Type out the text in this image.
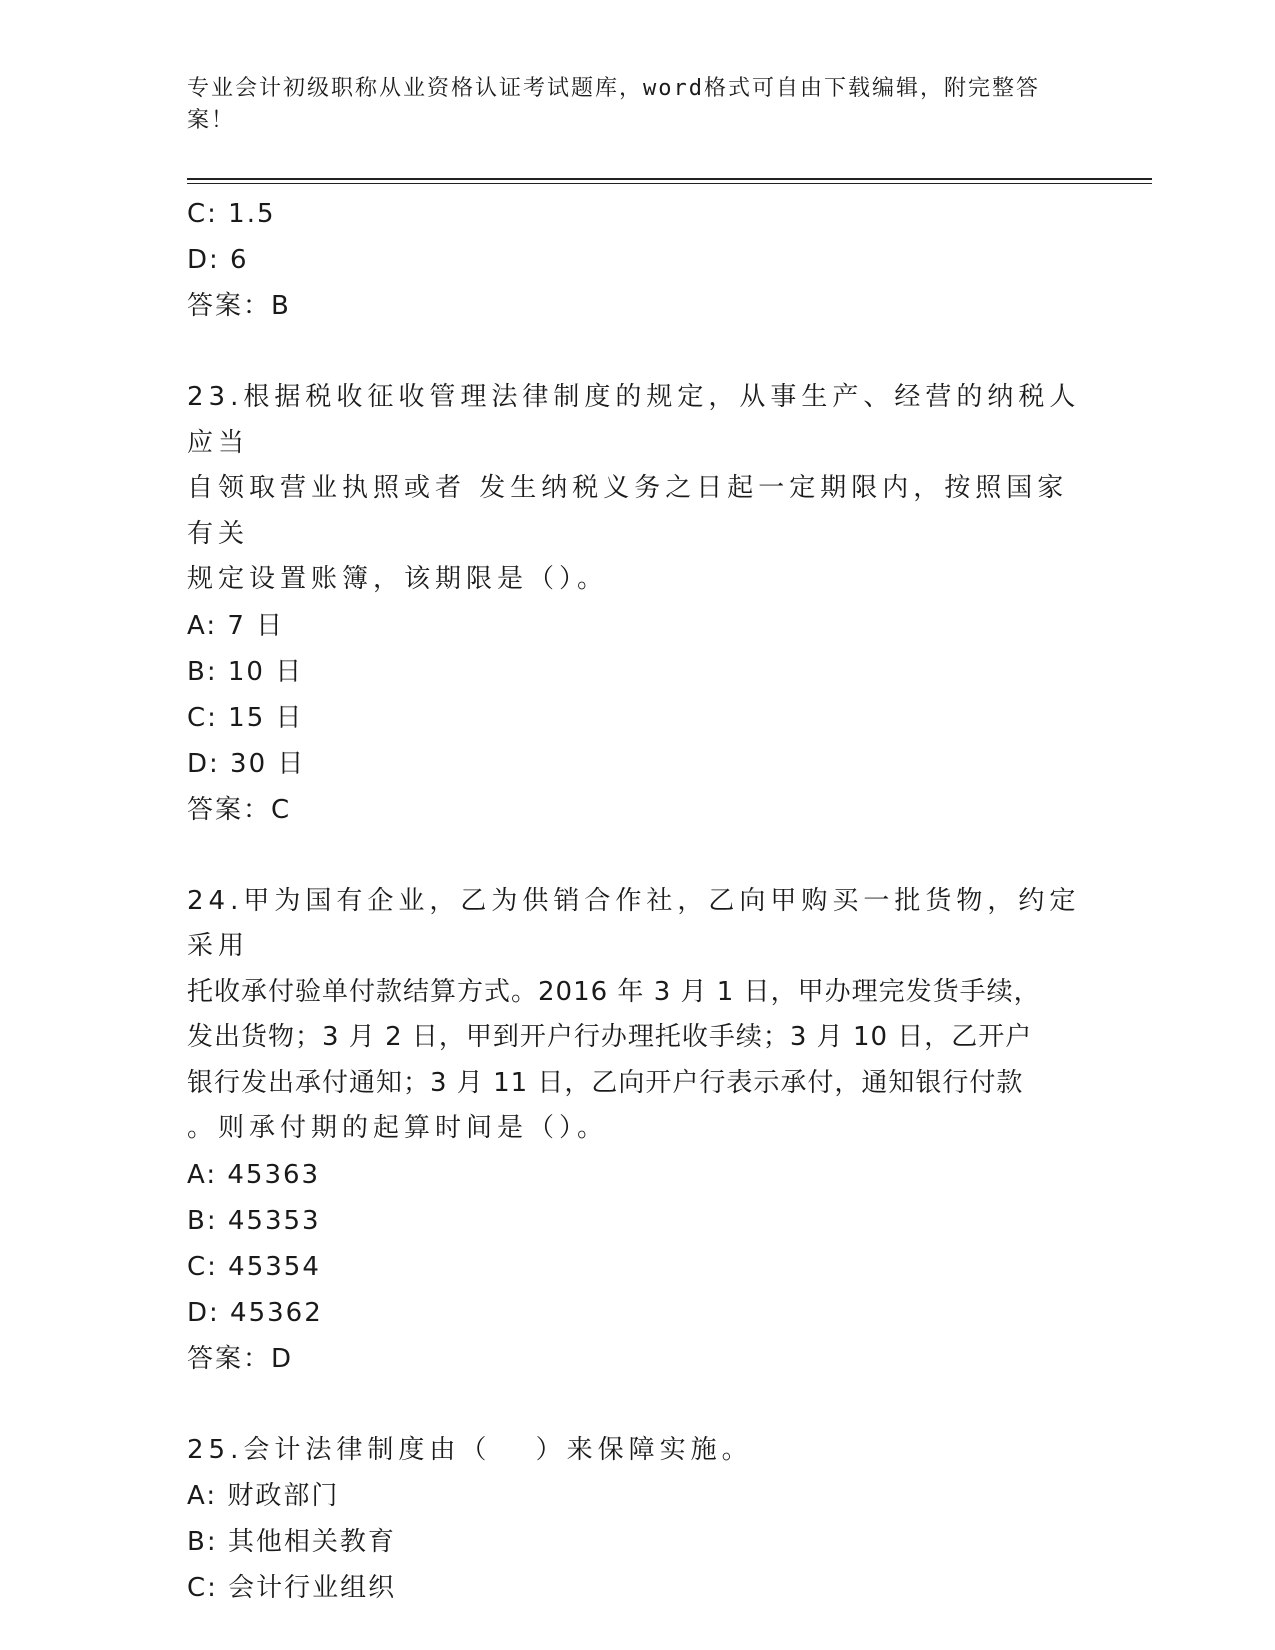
专业会计初级职称从业资格认证考试题库，word格式可自由下载编辑，附完整答
案！
C: 1.5
D: 6
答案：B
23.根据税收征收管理法律制度的规定，从事生产、经营的纳税人应当
自领取营业执照或者 发生纳税义务之日起一定期限内，按照国家有关
规定设置账簿，该期限是（）。
A: 7 日
B: 10 日
C: 15 日
D: 30 日
答案：C
24.甲为国有企业，乙为供销合作社，乙向甲购买一批货物，约定采用
托收承付验单付款结算方式。2016 年 3 月 1 日，甲办理完发货手续，
发出货物；3 月 2 日，甲到开户行办理托收手续；3 月 10 日，乙开户
银行发出承付通知；3 月 11 日，乙向开户行表示承付，通知银行付款
。则承付期的起算时间是（）。
A: 45363
B: 45353
C: 45354
D: 45362
答案：D
25.会计法律制度由（　 ）来保障实施。
A: 财政部门
B: 其他相关教育
C: 会计行业组织
